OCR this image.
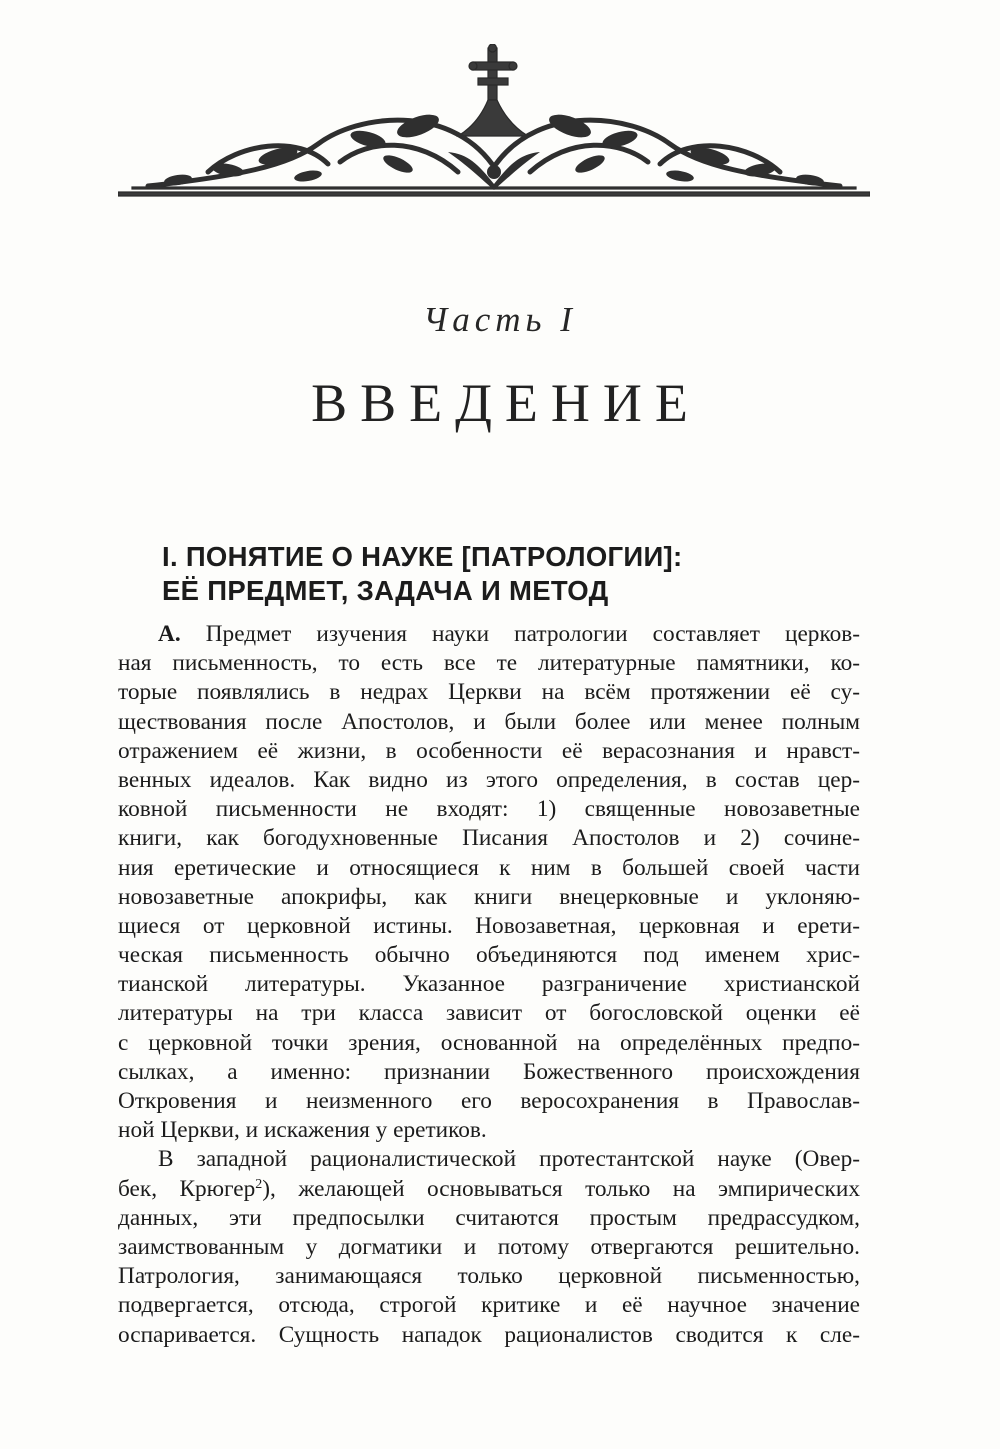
Часть I
ВВЕДЕНИЕ
I. ПОНЯТИЕ О НАУКЕ [ПАТРОЛОГИИ]:
ЕЁ ПРЕДМЕТ, ЗАДАЧА И МЕТОД
А. Предмет изучения науки патрологии составляет церков-
ная письменность, то есть все те литературные памятники, ко-
торые появлялись в недрах Церкви на всём протяжении её су-
ществования после Апостолов, и были более или менее полным
отражением её жизни, в особенности её верасознания и нравст-
венных идеалов. Как видно из этого определения, в состав цер-
ковной письменности не входят: 1) священные новозаветные
книги, как богодухновенные Писания Апостолов и 2) сочине-
ния еретические и относящиеся к ним в большей своей части
новозаветные апокрифы, как книги внецерковные и уклоняю-
щиеся от церковной истины. Новозаветная, церковная и ерети-
ческая письменность обычно объединяются под именем хрис-
тианской литературы. Указанное разграничение христианской
литературы на три класса зависит от богословской оценки её
с церковной точки зрения, основанной на определённых предпо-
сылках, а именно: признании Божественного происхождения
Откровения и неизменного его веросохранения в Православ-
ной Церкви, и искажения у еретиков.
В западной рационалистической протестантской науке (Овер-
бек, Крюгер$^2$), желающей основываться только на эмпирических
данных, эти предпосылки считаются простым предрассудком,
заимствованным у догматики и потому отвергаются решительно.
Патрология, занимающаяся только церковной письменностью,
подвергается, отсюда, строгой критике и её научное значение
оспаривается. Сущность нападок рационалистов сводится к сле-
